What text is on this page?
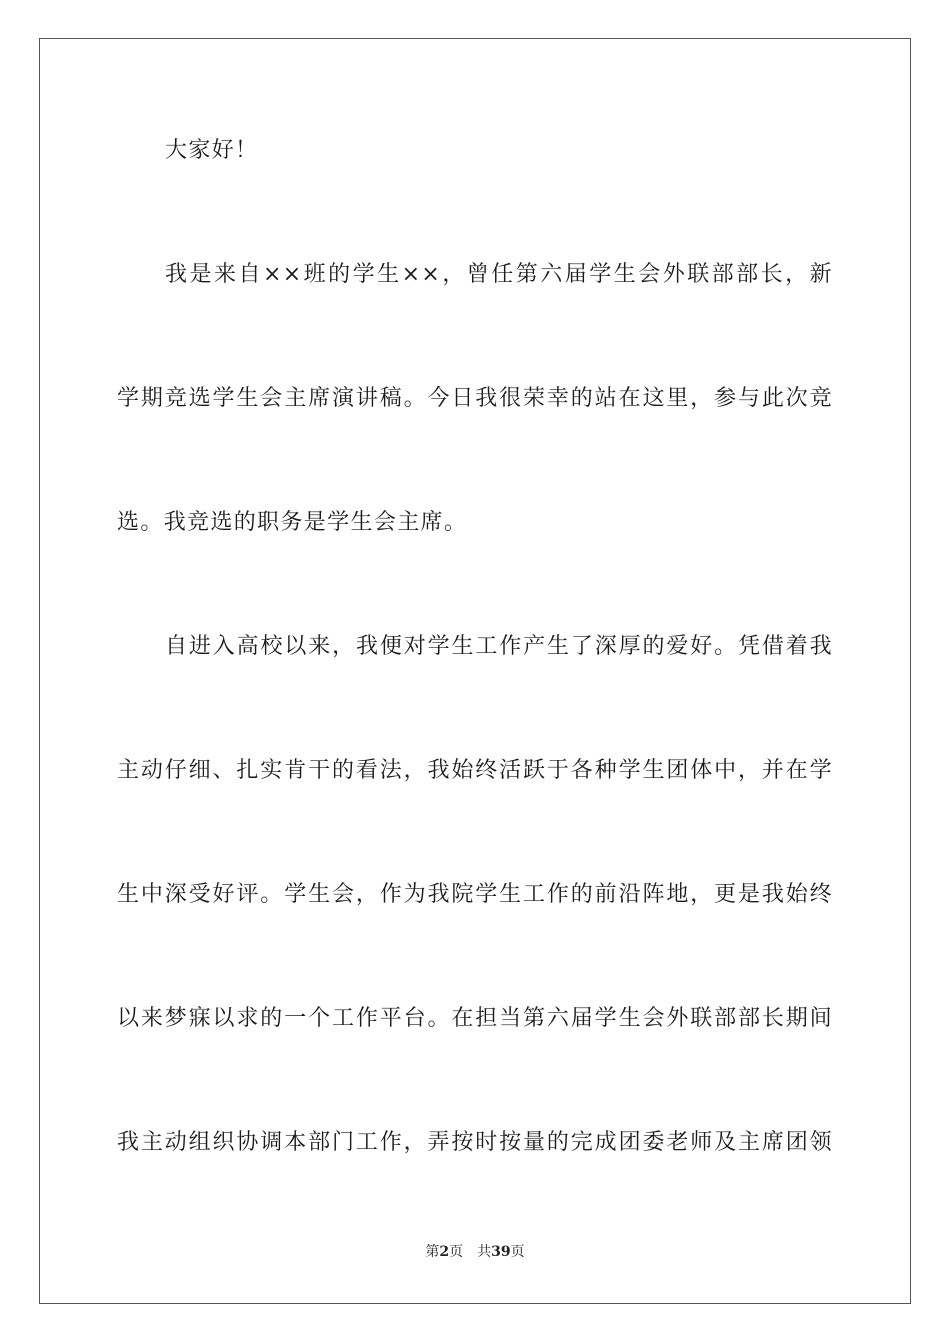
大家好！
我是来自××班的学生××，曾任第六届学生会外联部部长，新
学期竞选学生会主席演讲稿。今日我很荣幸的站在这里，参与此次竞
选。我竞选的职务是学生会主席。
自进入高校以来，我便对学生工作产生了深厚的爱好。凭借着我
主动仔细、扎实肯干的看法，我始终活跃于各种学生团体中，并在学
生中深受好评。学生会，作为我院学生工作的前沿阵地，更是我始终
以来梦寐以求的一个工作平台。在担当第六届学生会外联部部长期间
我主动组织协调本部门工作，弄按时按量的完成团委老师及主席团领
第2页 共39页
